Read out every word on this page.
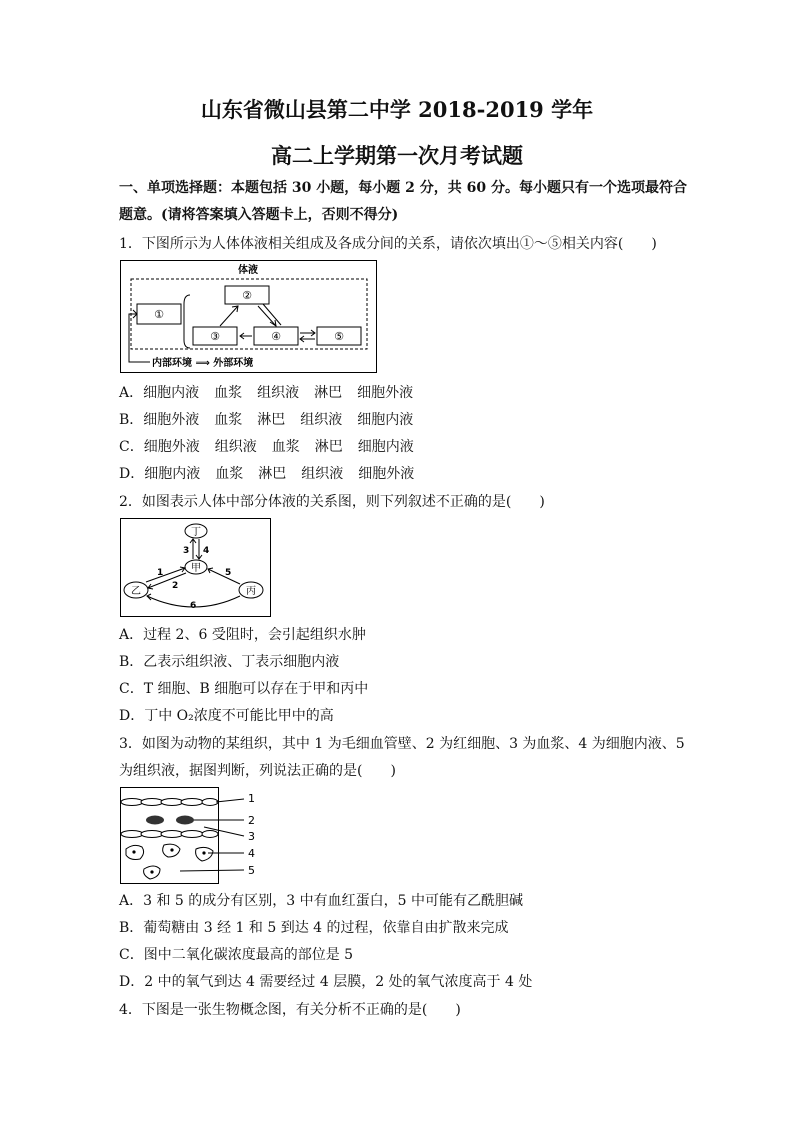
山东省微山县第二中学 2018-2019 学年
高二上学期第一次月考试题
一、单项选择题：本题包括 30 小题，每小题 2 分，共 60 分。每小题只有一个选项最符合
题意。(请将答案填入答题卡上，否则不得分)
1．下图所示为人体体液相关组成及各成分间的关系，请依次填出①～⑤相关内容(　　)
体液
①
②
③	④	⑤
内部环境 ⟹ 外部环境
A．细胞内液 血浆 组织液 淋巴 细胞外液
B．细胞外液 血浆 淋巴 组织液 细胞内液
C．细胞外液 组织液 血浆 淋巴 细胞内液
D．细胞内液 血浆 淋巴 组织液 细胞外液
2．如图表示人体中部分体液的关系图，则下列叙述不正确的是(　　)
丁
甲
乙	丙
3 4
1
2
5
6
A．过程 2、6 受阻时，会引起组织水肿
B．乙表示组织液、丁表示细胞内液
C．T 细胞、B 细胞可以存在于甲和丙中
D．丁中 O₂浓度不可能比甲中的高
3．如图为动物的某组织，其中 1 为毛细血管壁、2 为红细胞、3 为血浆、4 为细胞内液、5
为组织液，据图判断，列说法正确的是(　　)
1
2
3
4
5
A．3 和 5 的成分有区别，3 中有血红蛋白，5 中可能有乙酰胆碱
B．葡萄糖由 3 经 1 和 5 到达 4 的过程，依靠自由扩散来完成
C．图中二氧化碳浓度最高的部位是 5
D．2 中的氧气到达 4 需要经过 4 层膜，2 处的氧气浓度高于 4 处
4．下图是一张生物概念图，有关分析不正确的是(　　)
